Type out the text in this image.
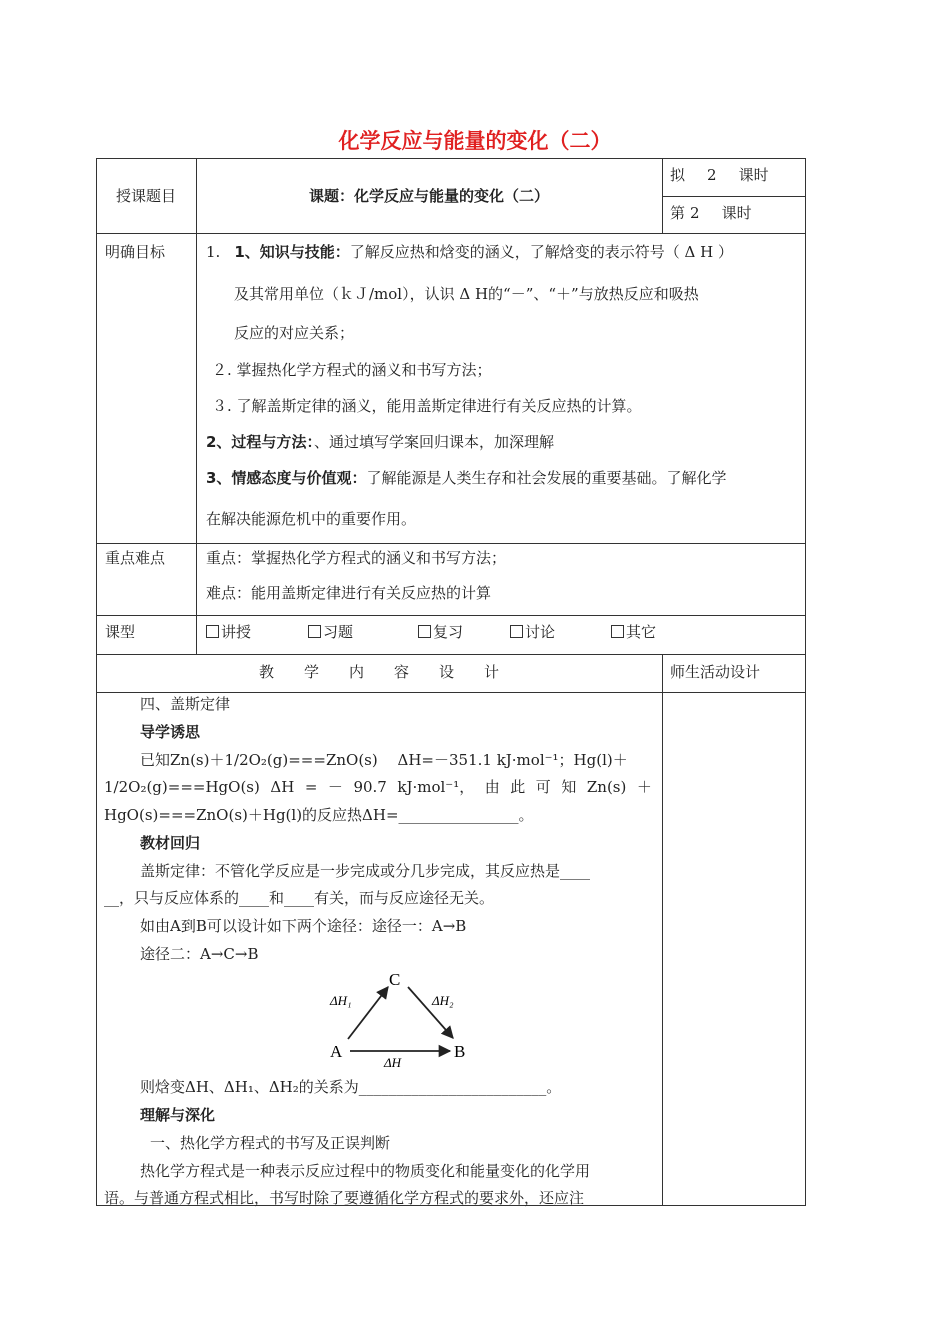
化学反应与能量的变化（二）
授课题目	课题：化学反应与能量的变化（二）
拟 2 课时
第 2 课时
明确目标	1. 1、知识与技能：了解反应热和焓变的涵义，了解焓变的表示符号（ Δ H ）
及其常用单位（ｋＪ/mol），认识 Δ H的“－”、“＋”与放热反应和吸热
反应的对应关系；
２. 掌握热化学方程式的涵义和书写方法；
３. 了解盖斯定律的涵义，能用盖斯定律进行有关反应热的计算。
2、过程与方法：、通过填写学案回归课本，加深理解
3、情感态度与价值观：了解能源是人类生存和社会发展的重要基础。了解化学
在解决能源危机中的重要作用。
重点难点	重点：掌握热化学方程式的涵义和书写方法；
难点：能用盖斯定律进行有关反应热的计算
课型	讲授	习题	复习	讨论	其它
教 学 内 容 设 计	师生活动设计
四、盖斯定律
导学诱思
已知Zn(s)＋1/2O₂(g)===ZnO(s)　 ΔH=－351.1 kJ·mol⁻¹；Hg(l)＋
1/2O₂(g)===HgO(s) ΔH = － 90.7 kJ·mol⁻¹， 由 此 可 知 Zn(s) ＋
HgO(s)===ZnO(s)＋Hg(l)的反应热ΔH=________________。
教材回归
盖斯定律：不管化学反应是一步完成或分几步完成，其反应热是____
__，只与反应体系的____和____有关，而与反应途径无关。
如由A到B可以设计如下两个途径：途径一：A→B
途径二：A→C→B
C
A	B
ΔH₁	ΔH₂
ΔH
则焓变ΔH、ΔH₁、ΔH₂的关系为_________________________。
理解与深化
一、热化学方程式的书写及正误判断
热化学方程式是一种表示反应过程中的物质变化和能量变化的化学用
语。与普通方程式相比，书写时除了要遵循化学方程式的要求外，还应注
